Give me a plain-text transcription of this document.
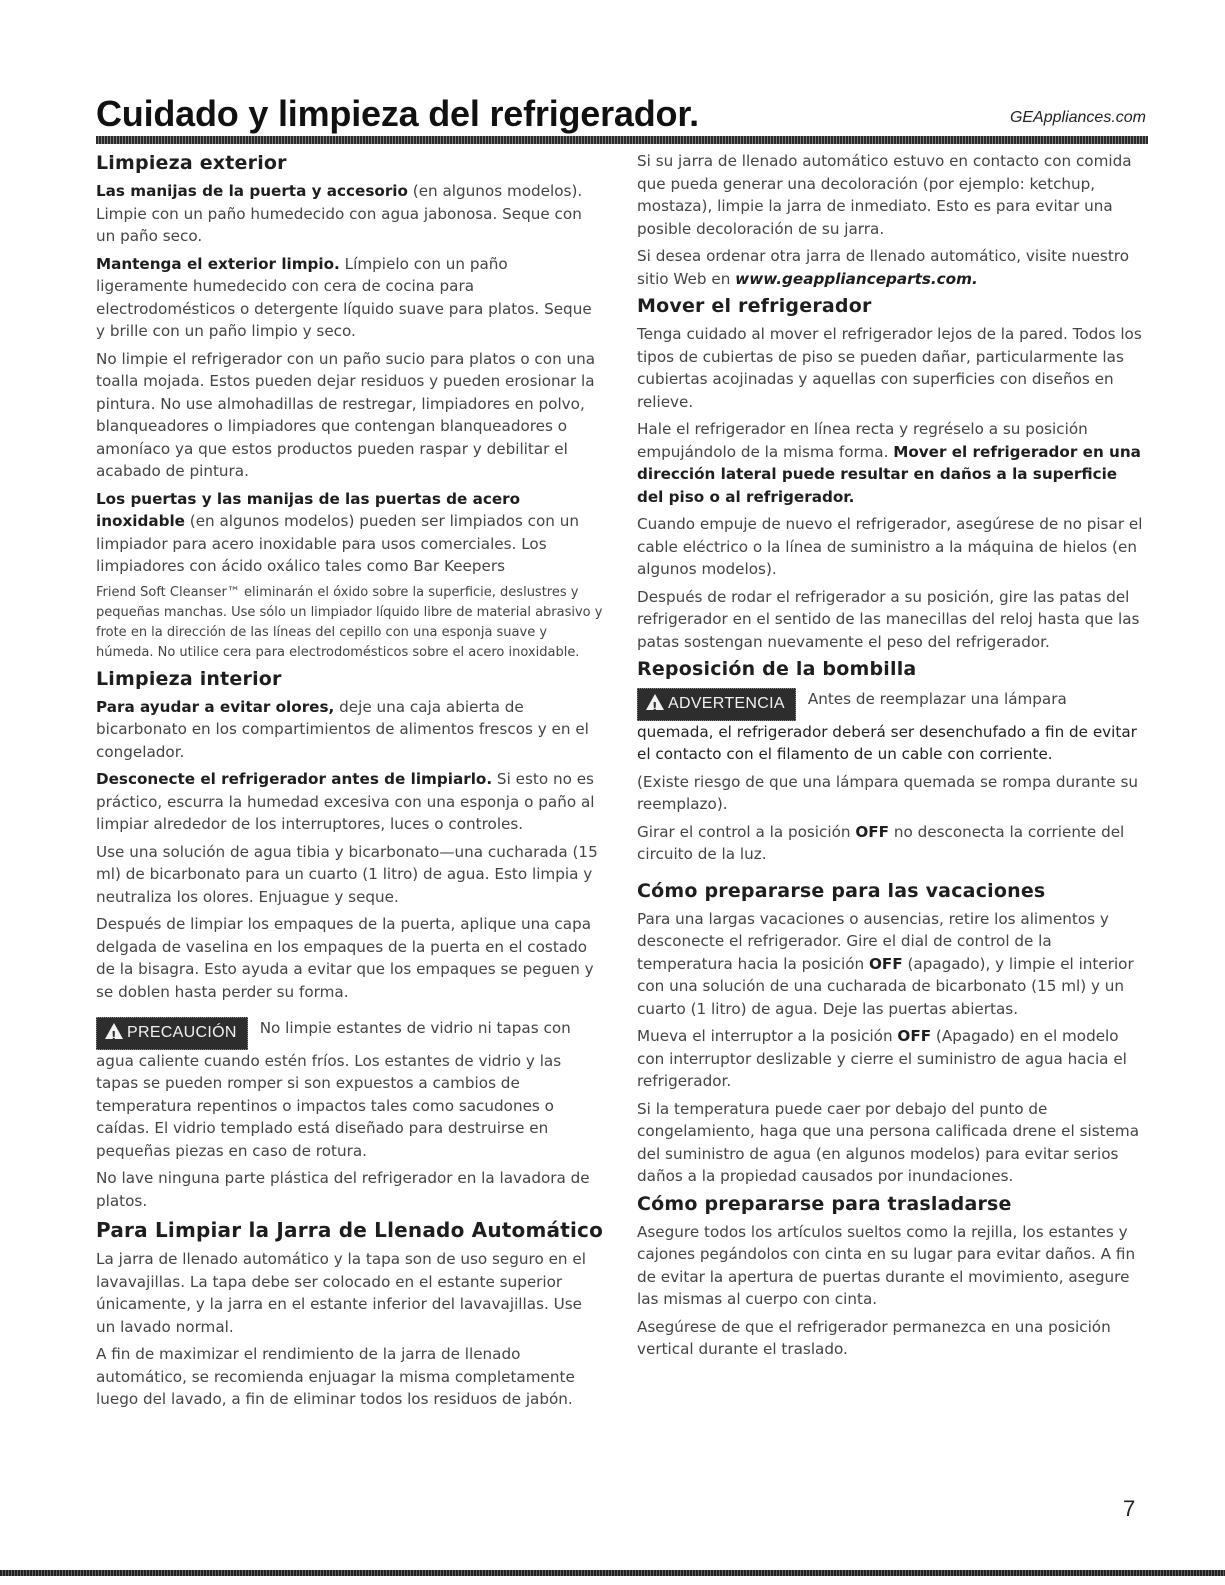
Cuidado y limpieza del refrigerador.	GEAppliances.com
Limpieza exterior

Las manijas de la puerta y accesorio (en algunos modelos). Limpie con un paño humedecido con agua jabonosa. Seque con un paño seco.

Mantenga el exterior limpio. Límpielo con un paño ligeramente humedecido con cera de cocina para electrodomésticos o detergente líquido suave para platos. Seque y brille con un paño limpio y seco.

No limpie el refrigerador con un paño sucio para platos o con una toalla mojada. Estos pueden dejar residuos y pueden erosionar la pintura. No use almohadillas de restregar, limpiadores en polvo, blanqueadores o limpiadores que contengan blanqueadores o amoníaco ya que estos productos pueden raspar y debilitar el acabado de pintura.

Los puertas y las manijas de las puertas de acero inoxidable (en algunos modelos) pueden ser limpiados con un limpiador para acero inoxidable para usos comerciales. Los limpiadores con ácido oxálico tales como Bar Keepers

Friend Soft Cleanser™ eliminarán el óxido sobre la superficie, deslustres y pequeñas manchas. Use sólo un limpiador líquido libre de material abrasivo y frote en la dirección de las líneas del cepillo con una esponja suave y húmeda. No utilice cera para electrodomésticos sobre el acero inoxidable.

Limpieza interior

Para ayudar a evitar olores, deje una caja abierta de bicarbonato en los compartimientos de alimentos frescos y en el congelador.

Desconecte el refrigerador antes de limpiarlo. Si esto no es práctico, escurra la humedad excesiva con una esponja o paño al limpiar alrededor de los interruptores, luces o controles.

Use una solución de agua tibia y bicarbonato—una cucharada (15 ml) de bicarbonato para un cuarto (1 litro) de agua. Esto limpia y neutraliza los olores. Enjuague y seque.

Después de limpiar los empaques de la puerta, aplique una capa delgada de vaselina en los empaques de la puerta en el costado de la bisagra. Esto ayuda a evitar que los empaques se peguen y se doblen hasta perder su forma.

!PRECAUCIÓN No limpie estantes de vidrio ni tapas con agua caliente cuando estén fríos. Los estantes de vidrio y las tapas se pueden romper si son expuestos a cambios de temperatura repentinos o impactos tales como sacudones o caídas. El vidrio templado está diseñado para destruirse en pequeñas piezas en caso de rotura.

No lave ninguna parte plástica del refrigerador en la lavadora de platos.

Para Limpiar la Jarra de Llenado Automático

La jarra de llenado automático y la tapa son de uso seguro en el lavavajillas. La tapa debe ser colocado en el estante superior únicamente, y la jarra en el estante inferior del lavavajillas. Use un lavado normal.

A fin de maximizar el rendimiento de la jarra de llenado automático, se recomienda enjuagar la misma completamente luego del lavado, a fin de eliminar todos los residuos de jabón.

Si su jarra de llenado automático estuvo en contacto con comida que pueda generar una decoloración (por ejemplo: ketchup, mostaza), limpie la jarra de inmediato. Esto es para evitar una posible decoloración de su jarra.

Si desea ordenar otra jarra de llenado automático, visite nuestro sitio Web en www.geapplianceparts.com.

Mover el refrigerador

Tenga cuidado al mover el refrigerador lejos de la pared. Todos los tipos de cubiertas de piso se pueden dañar, particularmente las cubiertas acojinadas y aquellas con superficies con diseños en relieve.

Hale el refrigerador en línea recta y regréselo a su posición empujándolo de la misma forma. Mover el refrigerador en una dirección lateral puede resultar en daños a la superficie del piso o al refrigerador.

Cuando empuje de nuevo el refrigerador, asegúrese de no pisar el cable eléctrico o la línea de suministro a la máquina de hielos (en algunos modelos).

Después de rodar el refrigerador a su posición, gire las patas del refrigerador en el sentido de las manecillas del reloj hasta que las patas sostengan nuevamente el peso del refrigerador.

Reposición de la bombilla

!ADVERTENCIA Antes de reemplazar una lámpara
quemada, el refrigerador deberá ser desenchufado a fin de evitar el contacto con el filamento de un cable con corriente.

(Existe riesgo de que una lámpara quemada se rompa durante su reemplazo).

Girar el control a la posición OFF no desconecta la corriente del circuito de la luz.

Cómo prepararse para las vacaciones

Para una largas vacaciones o ausencias, retire los alimentos y desconecte el refrigerador. Gire el dial de control de la temperatura hacia la posición OFF (apagado), y limpie el interior con una solución de una cucharada de bicarbonato (15 ml) y un cuarto (1 litro) de agua. Deje las puertas abiertas.

Mueva el interruptor a la posición OFF (Apagado) en el modelo con interruptor deslizable y cierre el suministro de agua hacia el refrigerador.

Si la temperatura puede caer por debajo del punto de congelamiento, haga que una persona calificada drene el sistema del suministro de agua (en algunos modelos) para evitar serios daños a la propiedad causados por inundaciones.

Cómo prepararse para trasladarse

Asegure todos los artículos sueltos como la rejilla, los estantes y cajones pegándolos con cinta en su lugar para evitar daños. A fin de evitar la apertura de puertas durante el movimiento, asegure las mismas al cuerpo con cinta.

Asegúrese de que el refrigerador permanezca en una posición vertical durante el traslado.

7
